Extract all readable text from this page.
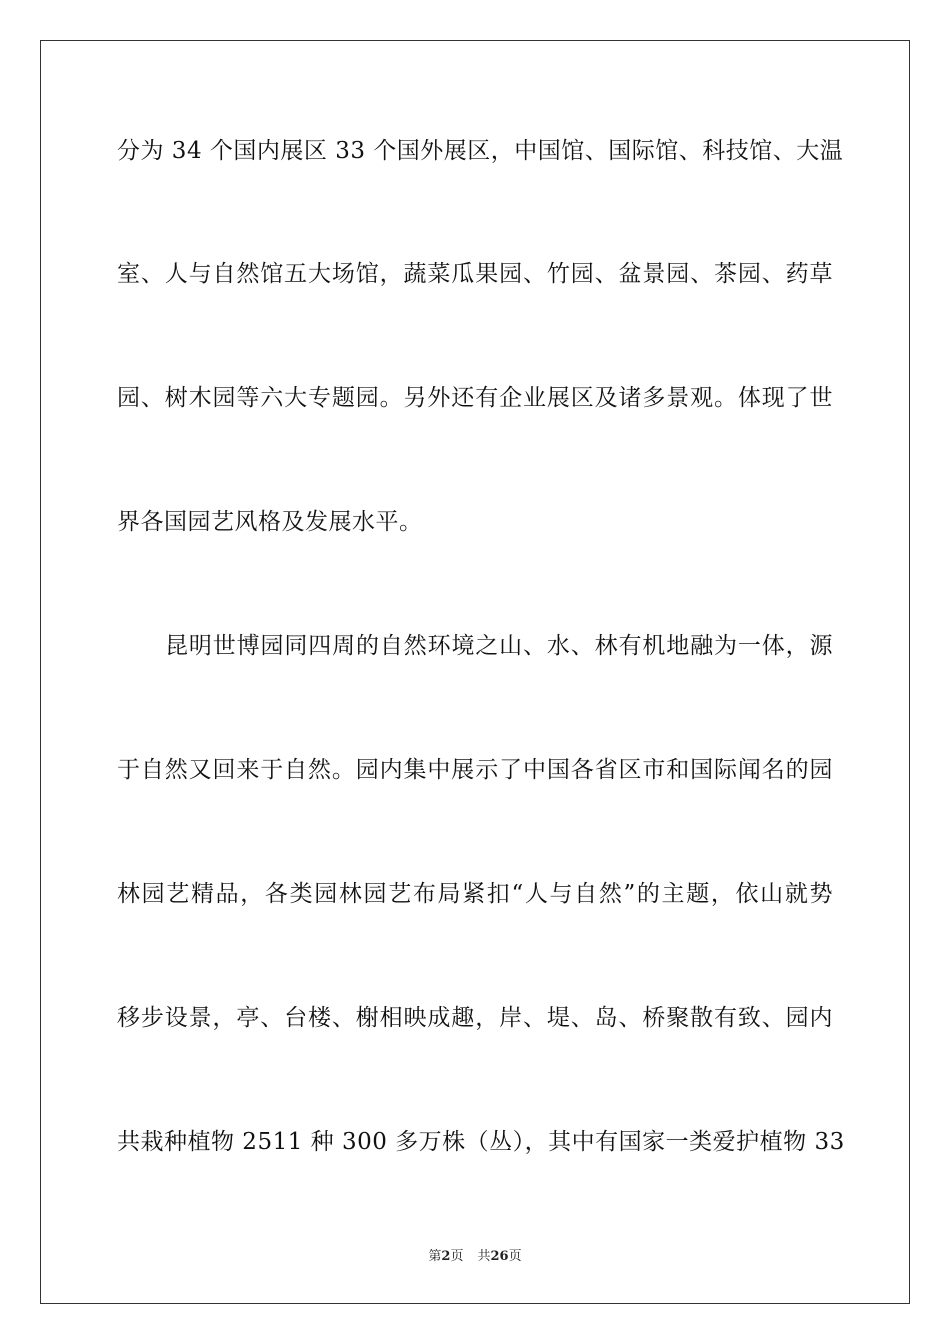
分为 34 个国内展区 33 个国外展区，中国馆、国际馆、科技馆、大温
室、人与自然馆五大场馆，蔬菜瓜果园、竹园、盆景园、茶园、药草
园、树木园等六大专题园。另外还有企业展区及诸多景观。体现了世
界各国园艺风格及发展水平。
昆明世博园同四周的自然环境之山、水、林有机地融为一体，源
于自然又回来于自然。园内集中展示了中国各省区市和国际闻名的园
林园艺精品，各类园林园艺布局紧扣“人与自然”的主题，依山就势
移步设景，亭、台楼、榭相映成趣，岸、堤、岛、桥聚散有致、园内
共栽种植物 2511 种 300 多万株（丛），其中有国家一类爱护植物 33
第2页 共26页
